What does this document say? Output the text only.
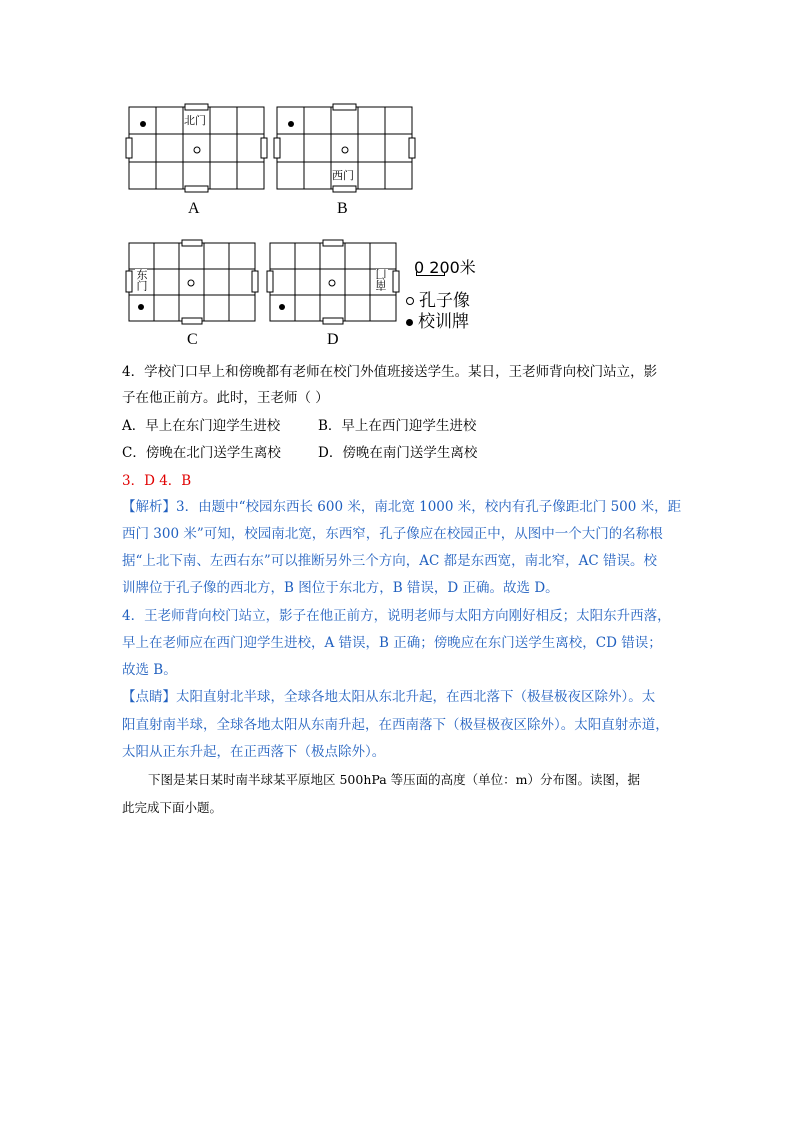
北门
A
西门
B
东门
C
南门
D
0 200米
孔子像
校训牌
4．学校门口早上和傍晚都有老师在校门外值班接送学生。某日，王老师背向校门站立，影
子在他正前方。此时，王老师（ ）
A．早上在东门迎学生进校	B．早上在西门迎学生进校
C．傍晚在北门送学生离校	D．傍晚在南门送学生离校
3．D 4．B
【解析】3．由题中“校园东西长 600 米，南北宽 1000 米，校内有孔子像距北门 500 米，距
西门 300 米”可知，校园南北宽，东西窄，孔子像应在校园正中，从图中一个大门的名称根
据“上北下南、左西右东”可以推断另外三个方向，AC 都是东西宽，南北窄，AC 错误。校
训牌位于孔子像的西北方，B 图位于东北方，B 错误，D 正确。故选 D。
4．王老师背向校门站立，影子在他正前方，说明老师与太阳方向刚好相反；太阳东升西落，
早上在老师应在西门迎学生进校，A 错误，B 正确；傍晚应在东门送学生离校，CD 错误；
故选 B。
【点睛】太阳直射北半球，全球各地太阳从东北升起，在西北落下（极昼极夜区除外）。太
阳直射南半球，全球各地太阳从东南升起，在西南落下（极昼极夜区除外）。太阳直射赤道，
太阳从正东升起，在正西落下（极点除外）。
下图是某日某时南半球某平原地区 500hPa 等压面的高度（单位：m）分布图。读图，据
此完成下面小题。
